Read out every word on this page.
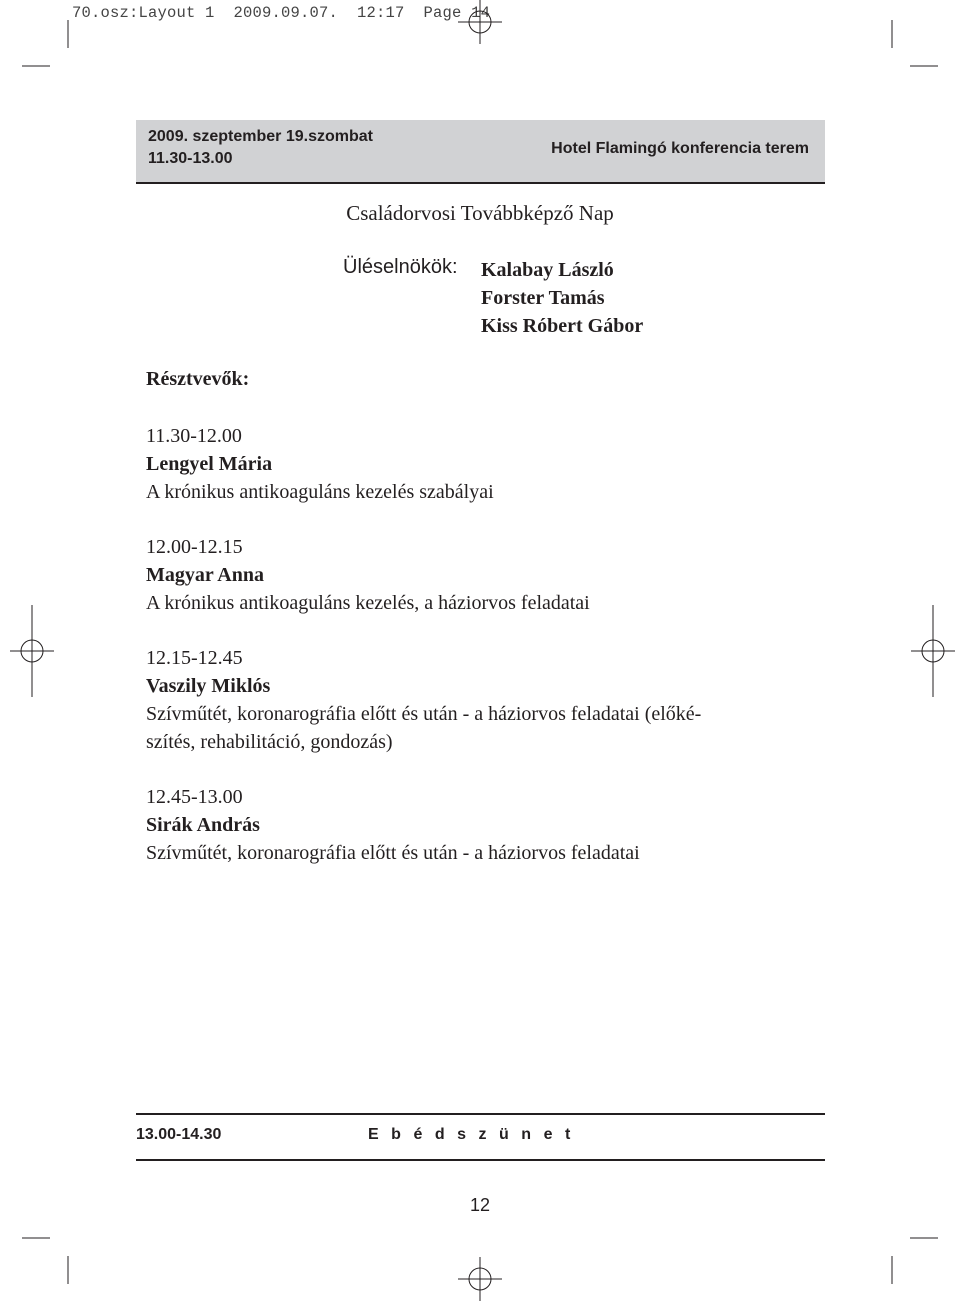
70.osz:Layout 1  2009.09.07.  12:17  Page 14
2009. szeptember 19.szombat
11.30-13.00
Hotel Flamingó konferencia terem
Családorvosi Továbbképző Nap
Üléselnökök: Kalabay László
Forster Tamás
Kiss Róbert Gábor
Résztvevők:
11.30-12.00
Lengyel Mária
A krónikus antikoaguláns kezelés szabályai
12.00-12.15
Magyar Anna
A krónikus antikoaguláns kezelés, a háziorvos feladatai
12.15-12.45
Vaszily Miklós
Szívműtét, koronarográfia előtt és után - a háziorvos feladatai (előké-
szítés, rehabilitáció, gondozás)
12.45-13.00
Sirák András
Szívműtét, koronarográfia előtt és után - a háziorvos feladatai
13.00-14.30	Ebédszünet
12
